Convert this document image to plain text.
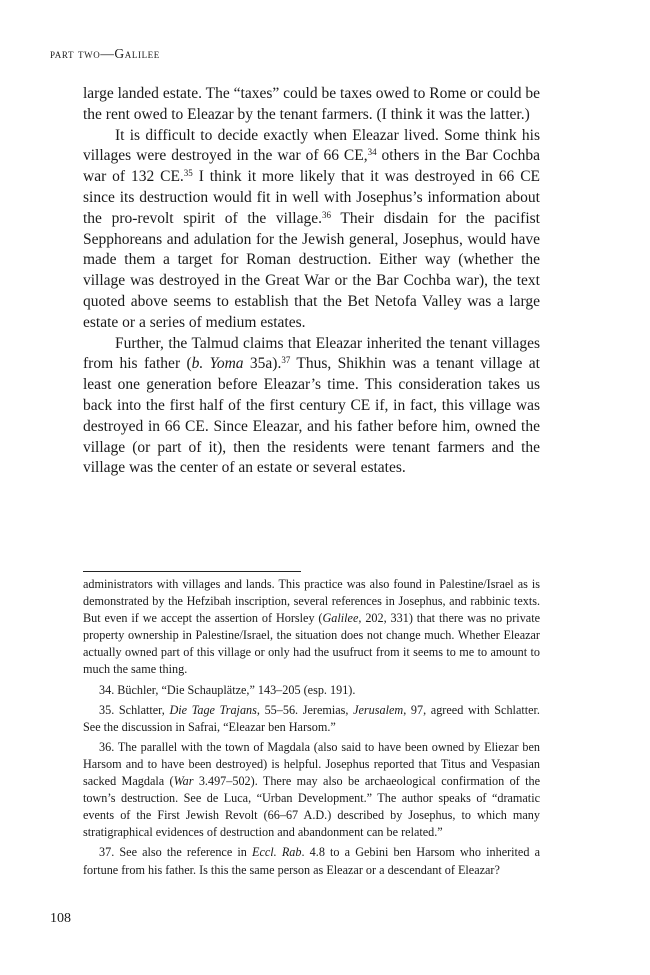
part two—Galilee

large landed estate. The “taxes” could be taxes owed to Rome or could be the rent owed to Eleazar by the tenant farmers. (I think it was the latter.)

It is difficult to decide exactly when Eleazar lived. Some think his villages were destroyed in the war of 66 CE,$^{34}$ others in the Bar Cochba war of 132 CE.$^{35}$ I think it more likely that it was destroyed in 66 CE since its destruction would fit in well with Josephus’s information about the pro-revolt spirit of the village.$^{36}$ Their disdain for the pacifist Sepphoreans and adulation for the Jewish general, Josephus, would have made them a target for Roman destruction. Either way (whether the village was destroyed in the Great War or the Bar Cochba war), the text quoted above seems to establish that the Bet Netofa Valley was a large estate or a series of medium estates.

Further, the Talmud claims that Eleazar inherited the tenant villages from his father (b. Yoma 35a).$^{37}$ Thus, Shikhin was a tenant village at least one generation before Eleazar’s time. This consideration takes us back into the first half of the first century CE if, in fact, this village was destroyed in 66 CE. Since Eleazar, and his father before him, owned the village (or part of it), then the residents were tenant farmers and the village was the center of an estate or several estates.

administrators with villages and lands. This practice was also found in Palestine/Israel as is demonstrated by the Hefzibah inscription, several references in Josephus, and rabbinic texts. But even if we accept the assertion of Horsley (Galilee, 202, 331) that there was no private property ownership in Palestine/Israel, the situation does not change much. Whether Eleazar actually owned part of this village or only had the usufruct from it seems to me to amount to much the same thing.

34. Büchler, “Die Schauplätze,” 143–205 (esp. 191).

35. Schlatter, Die Tage Trajans, 55–56. Jeremias, Jerusalem, 97, agreed with Schlatter. See the discussion in Safrai, “Eleazar ben Harsom.”

36. The parallel with the town of Magdala (also said to have been owned by Eliezar ben Harsom and to have been destroyed) is helpful. Josephus reported that Titus and Vespasian sacked Magdala (War 3.497–502). There may also be archaeological confirmation of the town’s destruction. See de Luca, “Urban Development.” The author speaks of “dramatic events of the First Jewish Revolt (66–67 A.D.) described by Josephus, to which many stratigraphical evidences of destruction and abandonment can be related.”

37. See also the reference in Eccl. Rab. 4.8 to a Gebini ben Harsom who inherited a fortune from his father. Is this the same person as Eleazar or a descendant of Eleazar?

108
